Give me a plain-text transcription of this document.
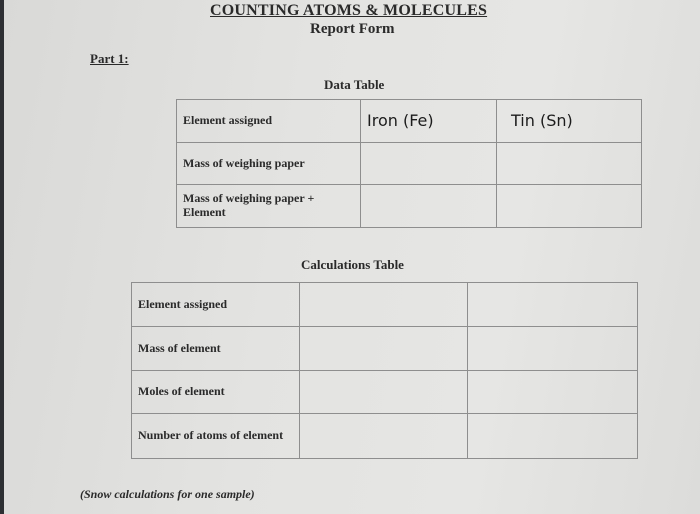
COUNTING ATOMS & MOLECULES
Report Form
Part 1:
Data Table
Element assigned	Iron (Fe)	Tin (Sn)
Mass of weighing paper		
Mass of weighing paper + Element		
Calculations Table
Element assigned		
Mass of element		
Moles of element		
Number of atoms of element		
(Snow calculations for one sample)
